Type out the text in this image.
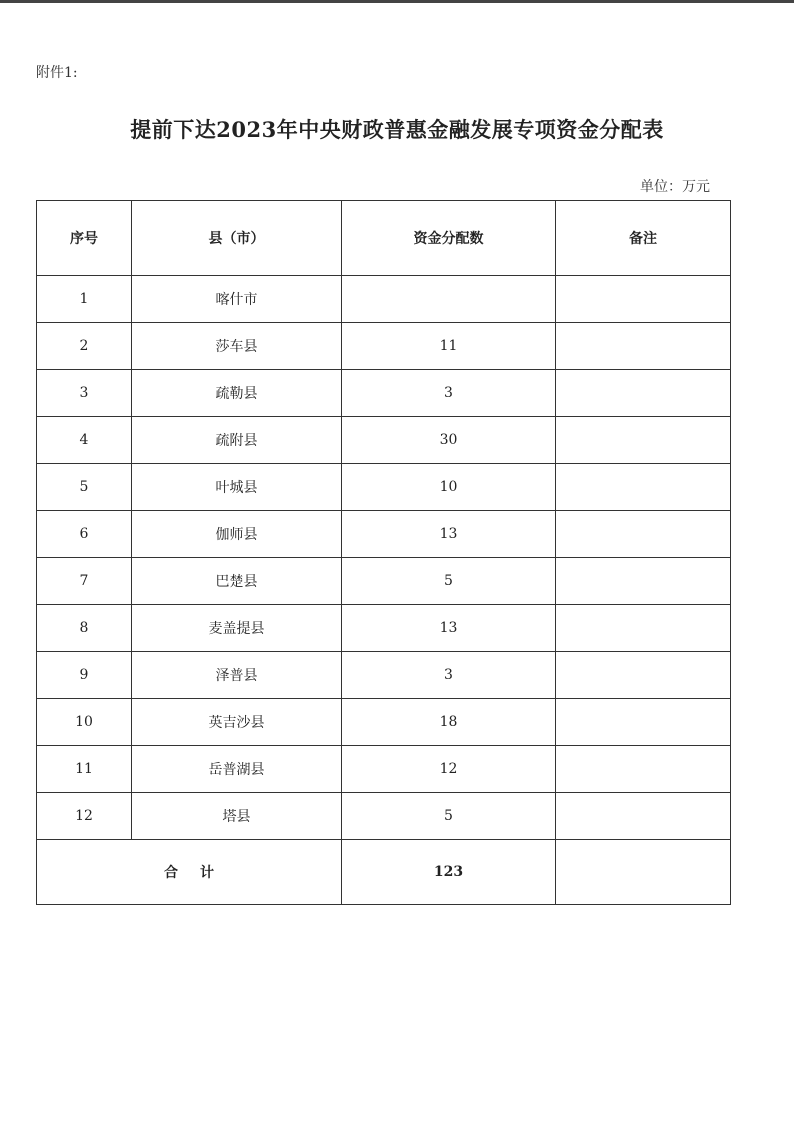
附件1:
提前下达2023年中央财政普惠金融发展专项资金分配表
单位：万元
序号	县（市）	资金分配数	备注
1	喀什市		
2	莎车县	11	
3	疏勒县	3	
4	疏附县	30	
5	叶城县	10	
6	伽师县	13	
7	巴楚县	5	
8	麦盖提县	13	
9	泽普县	3	
10	英吉沙县	18	
11	岳普湖县	12	
12	塔县	5	
合计		123	
